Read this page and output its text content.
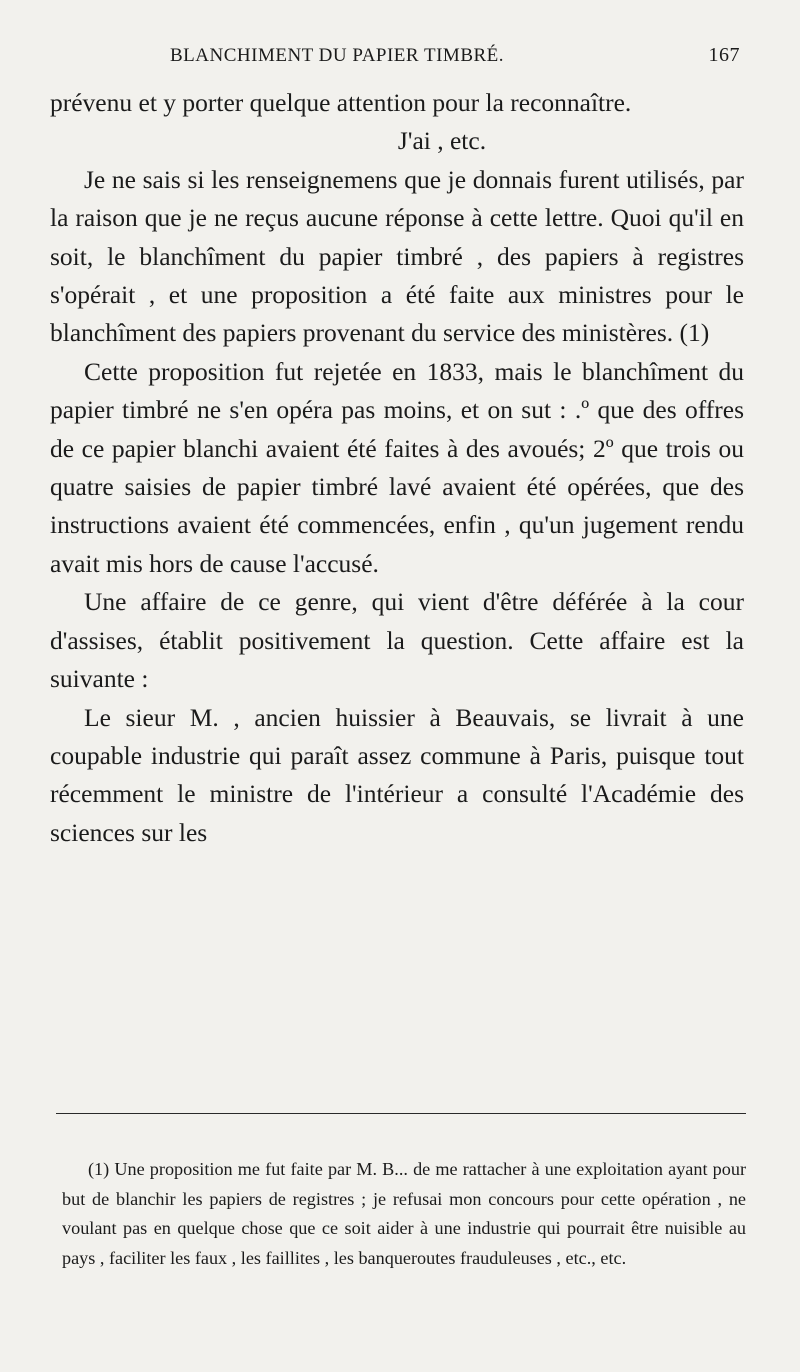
BLANCHIMENT DU PAPIER TIMBRÉ.	167

prévenu et y porter quelque attention pour la reconnaître.

J'ai , etc.

Je ne sais si les renseignemens que je donnais furent utilisés, par la raison que je ne reçus aucune réponse à cette lettre. Quoi qu'il en soit, le blanchîment du papier timbré , des papiers à registres s'opérait , et une proposition a été faite aux ministres pour le blanchîment des papiers provenant du service des ministères. (1)

Cette proposition fut rejetée en 1833, mais le blanchîment du papier timbré ne s'en opéra pas moins, et on sut : .º que des offres de ce papier blanchi avaient été faites à des avoués; 2º que trois ou quatre saisies de papier timbré lavé avaient été opérées, que des instructions avaient été commencées, enfin , qu'un jugement rendu avait mis hors de cause l'accusé.

Une affaire de ce genre, qui vient d'être déférée à la cour d'assises, établit positivement la question. Cette affaire est la suivante :

Le sieur M. , ancien huissier à Beauvais, se livrait à une coupable industrie qui paraît assez commune à Paris, puisque tout récemment le ministre de l'intérieur a consulté l'Académie des sciences sur les

(1) Une proposition me fut faite par M. B... de me rattacher à une exploitation ayant pour but de blanchir les papiers de registres ; je refusai mon concours pour cette opération , ne voulant pas en quelque chose que ce soit aider à une industrie qui pourrait être nuisible au pays , faciliter les faux , les faillites , les banqueroutes frauduleuses , etc., etc.
